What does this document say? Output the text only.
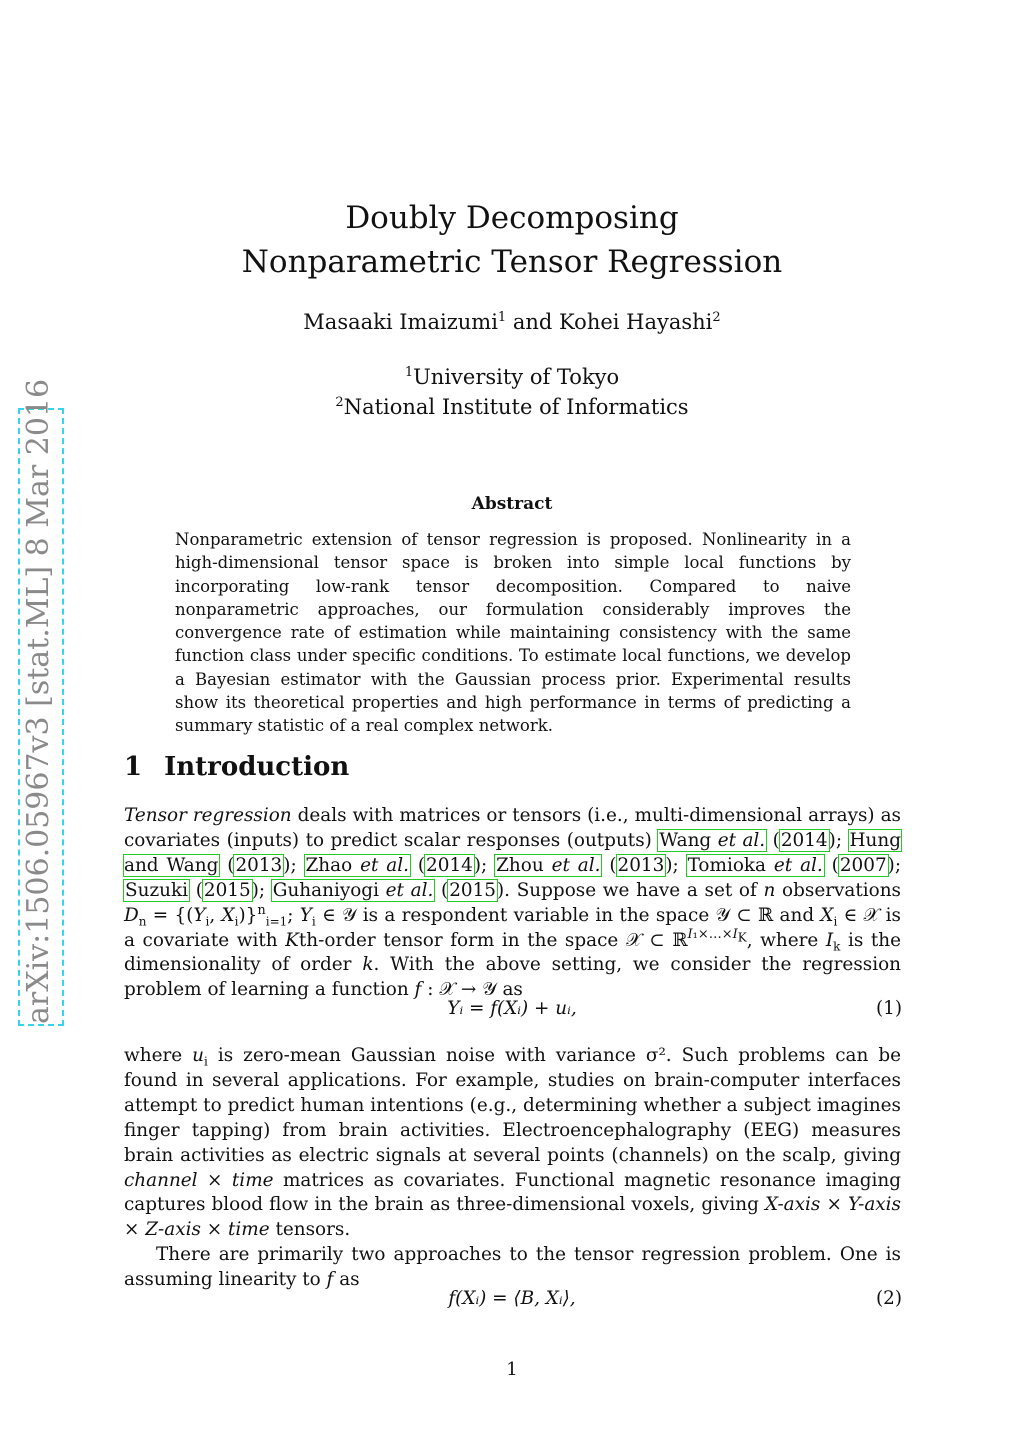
arXiv:1506.05967v3 [stat.ML] 8 Mar 2016
Doubly Decomposing
Nonparametric Tensor Regression
Masaaki Imaizumi$^1$ and Kohei Hayashi$^2$
$^1$University of Tokyo
$^2$National Institute of Informatics
Abstract
Nonparametric extension of tensor regression is proposed. Nonlinearity in a high-dimensional tensor space is broken into simple local functions by incorporating low-rank tensor decomposition. Compared to naive nonparametric approaches, our formulation considerably improves the convergence rate of estimation while maintaining consistency with the same function class under specific conditions. To estimate local functions, we develop a Bayesian estimator with the Gaussian process prior. Experimental results show its theoretical properties and high performance in terms of predicting a summary statistic of a real complex network.
1 Introduction
Tensor regression deals with matrices or tensors (i.e., multi-dimensional arrays) as covariates (inputs) to predict scalar responses (outputs) Wang et al. (2014); Hung and Wang (2013); Zhao et al. (2014); Zhou et al. (2013); Tomioka et al. (2007); Suzuki (2015); Guhaniyogi et al. (2015). Suppose we have a set of n observations $D_n = \{(Y_i$, $X_i)\}^n_{i=1}$; $Y_i$ ∈ 𝒴 is a respondent variable in the space 𝒴 ⊂ ℝ and $X_i$ ∈ 𝒳 is a covariate with Kth-order tensor form in the space 𝒳 ⊂ ℝ$^{I_1\times\dots\times I_K}$, where $I_k$ is the dimensionality of order k. With the above setting, we consider the regression problem of learning a function f : 𝒳 → 𝒴 as
Yᵢ = f(Xᵢ) + uᵢ,	(1)
where $u_i$ is zero-mean Gaussian noise with variance σ². Such problems can be found in several applications. For example, studies on brain-computer interfaces attempt to predict human intentions (e.g., determining whether a subject imagines finger tapping) from brain activities. Electroencephalography (EEG) measures brain activities as electric signals at several points (channels) on the scalp, giving channel × time matrices as covariates. Functional magnetic resonance imaging captures blood flow in the brain as three-dimensional voxels, giving X-axis × Y-axis × Z-axis × time tensors.
There are primarily two approaches to the tensor regression problem. One is assuming linearity to f as
f(Xᵢ) = ⟨B, Xᵢ⟩,	(2)
1
